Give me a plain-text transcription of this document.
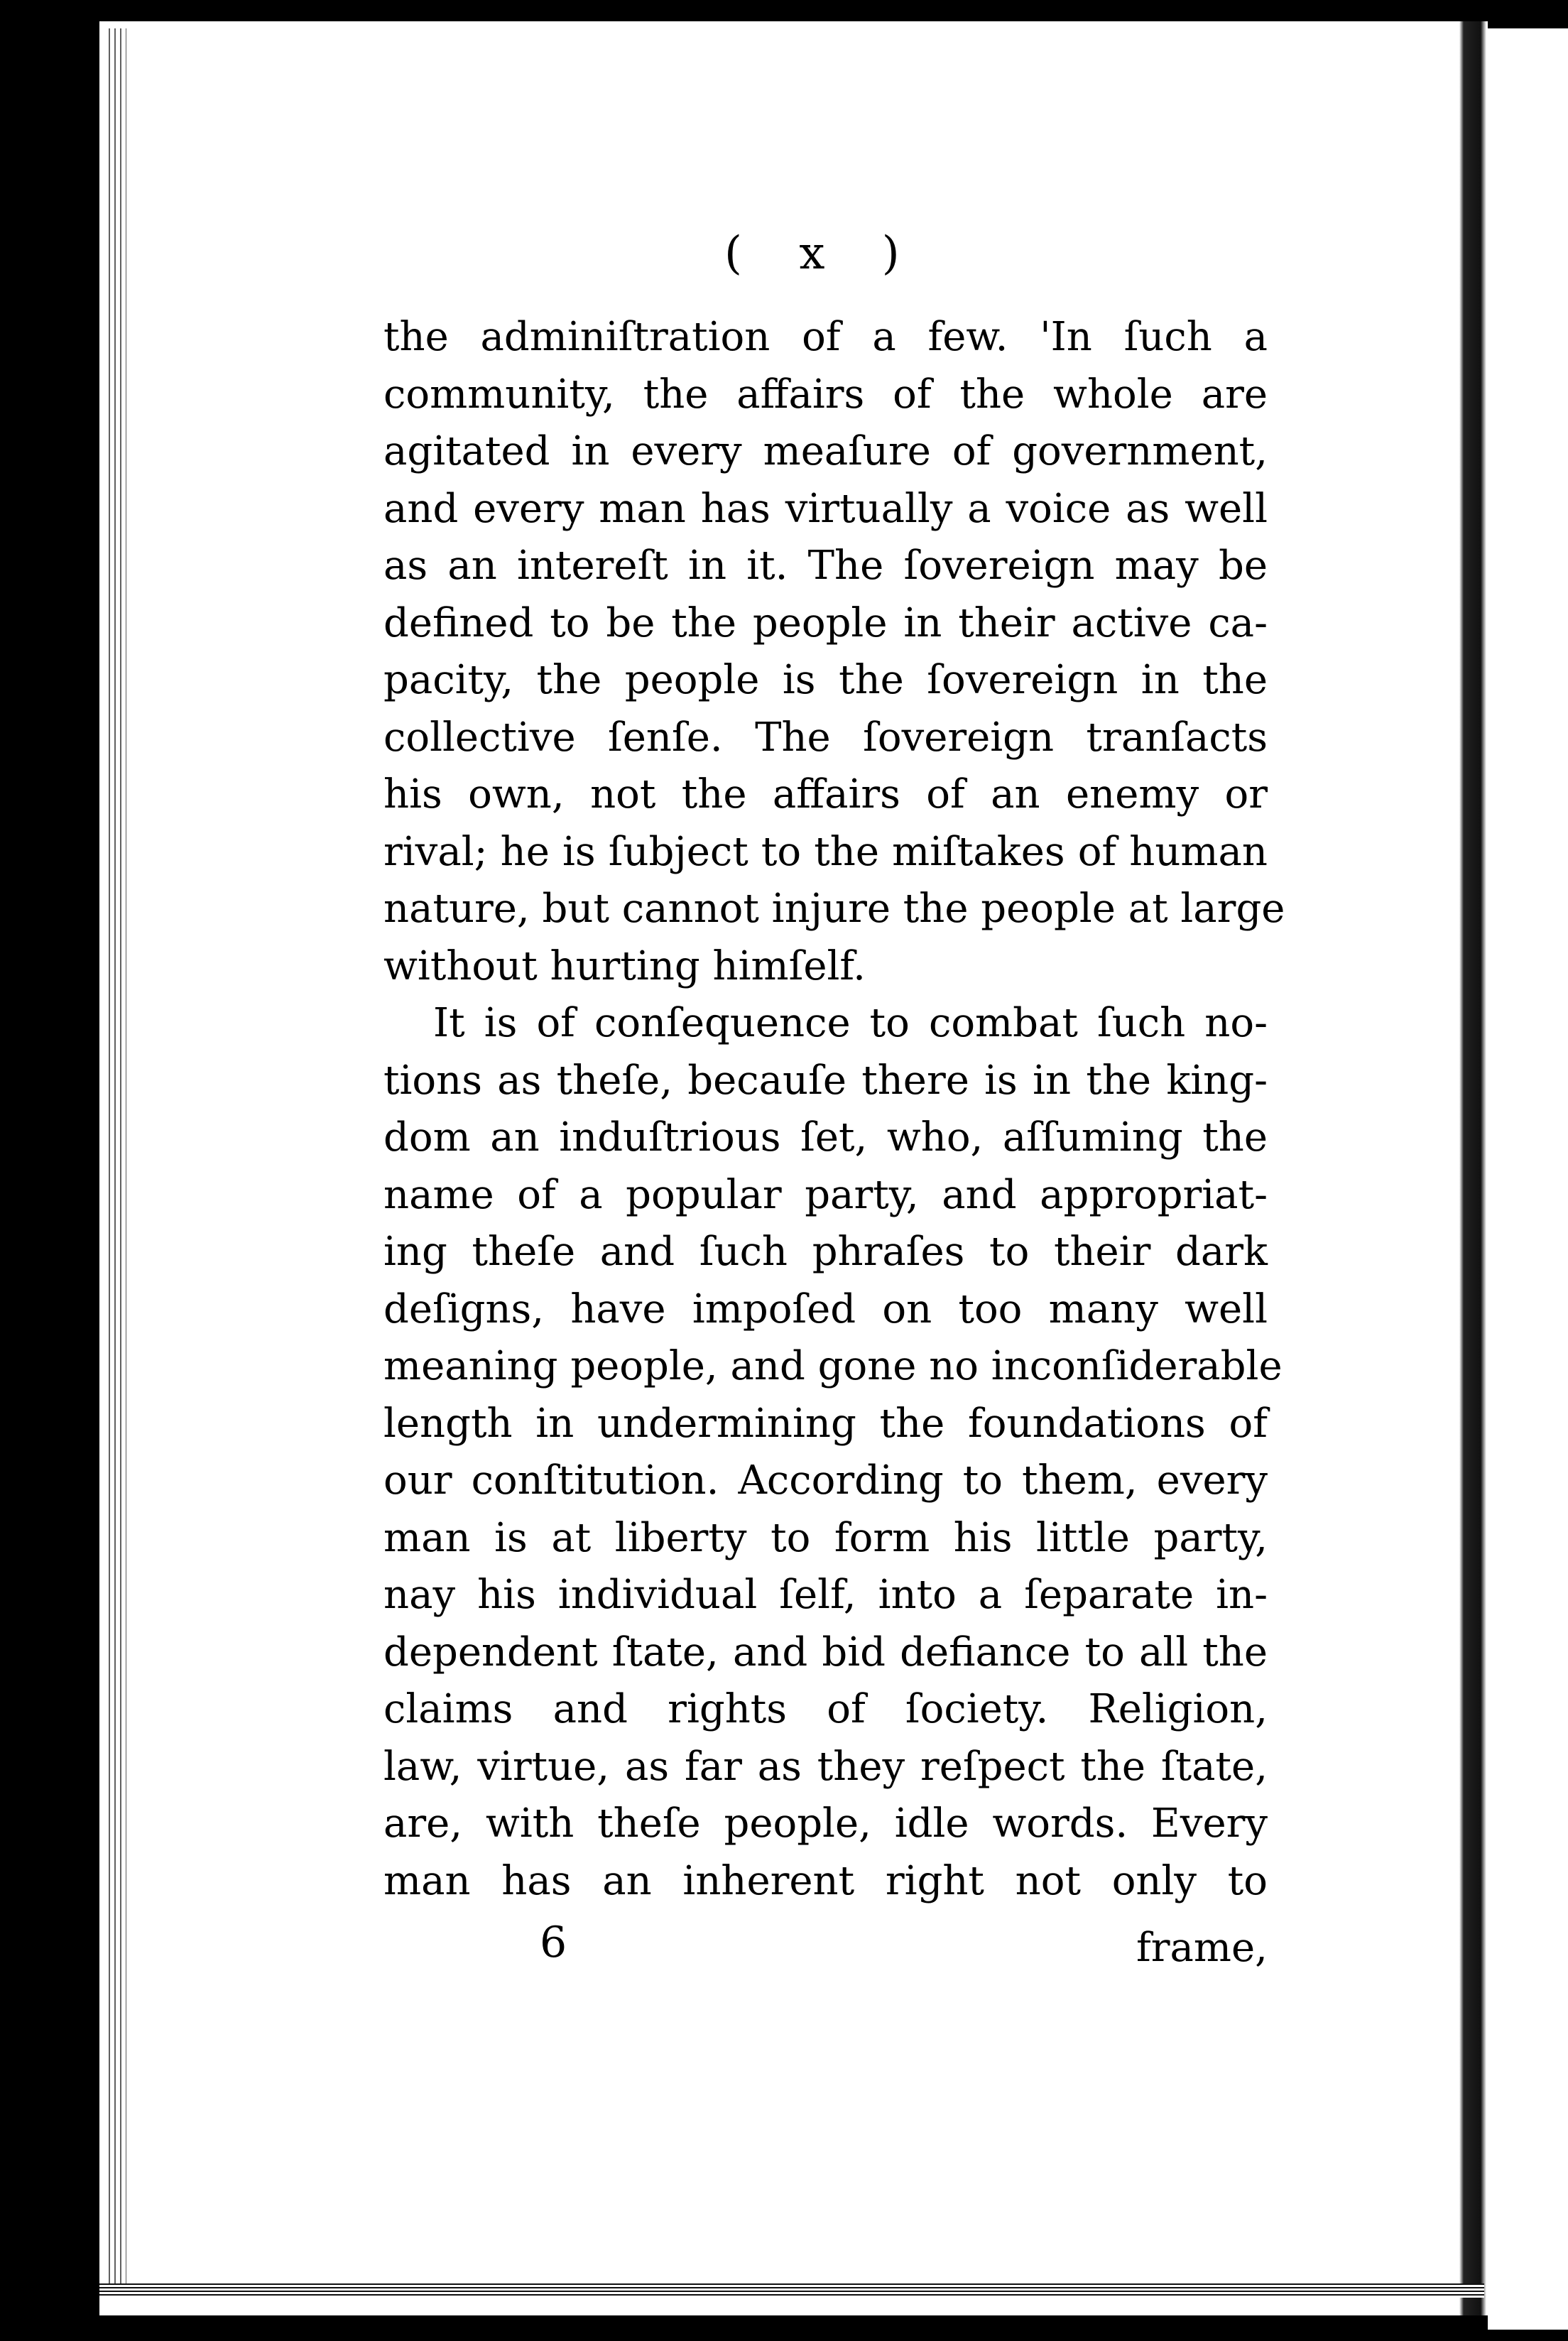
( x )
the adminiſtration of a few. 'In ſuch a
community, the affairs of the whole are
agitated in every meaſure of government,
and every man has virtually a voice as well
as an intereſt in it. The ſovereign may be
defined to be the people in their active ca-
pacity, the people is the ſovereign in the
collective ſenſe. The ſovereign tranſacts
his own, not the affairs of an enemy or
rival; he is ſubject to the miſtakes of human
nature, but cannot injure the people at large
without hurting himſelf.
It is of conſequence to combat ſuch no-
tions as theſe, becauſe there is in the king-
dom an induſtrious ſet, who, aſſuming the
name of a popular party, and appropriat-
ing theſe and ſuch phraſes to their dark
deſigns, have impoſed on too many well
meaning people, and gone no inconſiderable
length in undermining the foundations of
our conſtitution. According to them, every
man is at liberty to form his little party,
nay his individual ſelf, into a ſeparate in-
dependent ſtate, and bid defiance to all the
claims and rights of ſociety. Religion,
law, virtue, as far as they reſpect the ſtate,
are, with theſe people, idle words. Every
man has an inherent right not only to
6	frame,
